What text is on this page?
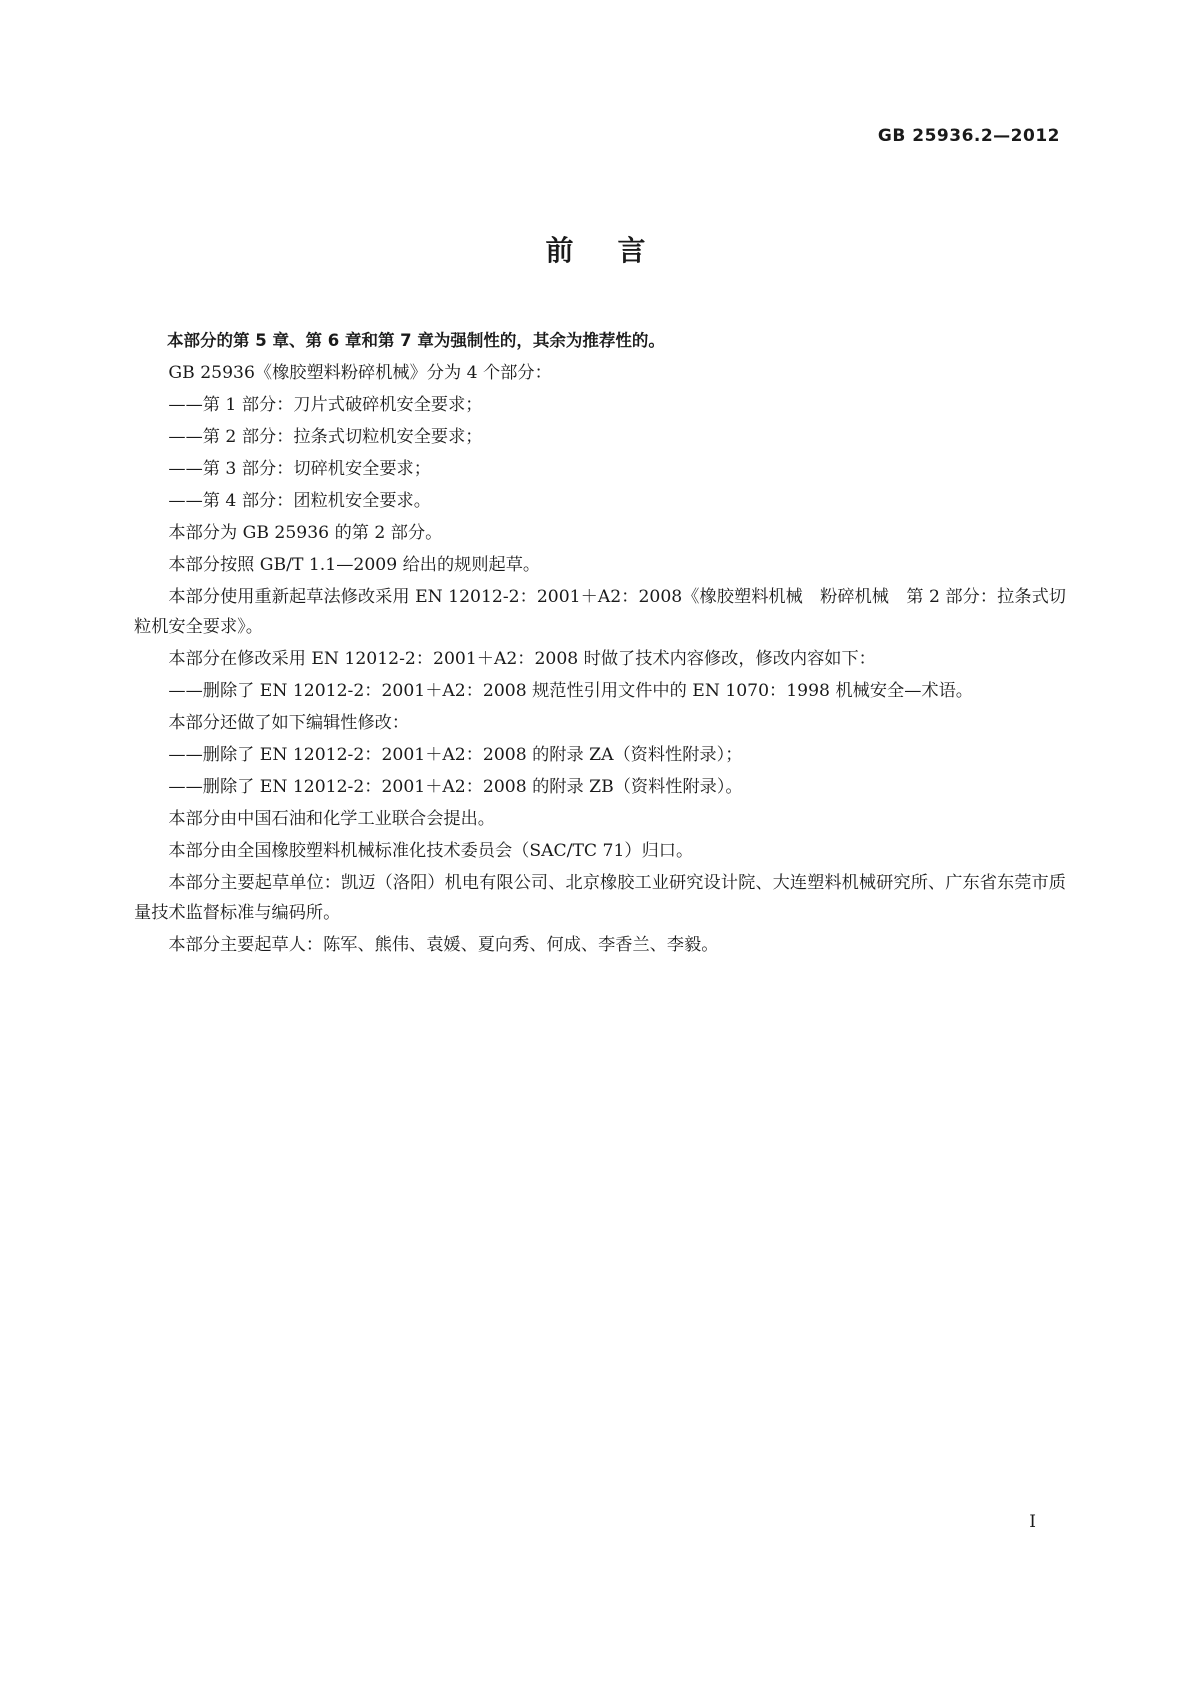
GB 25936.2—2012
前言

本部分的第 5 章、第 6 章和第 7 章为强制性的，其余为推荐性的。

GB 25936《橡胶塑料粉碎机械》分为 4 个部分：

——第 1 部分：刀片式破碎机安全要求；

——第 2 部分：拉条式切粒机安全要求；

——第 3 部分：切碎机安全要求；

——第 4 部分：团粒机安全要求。

本部分为 GB 25936 的第 2 部分。

本部分按照 GB/T 1.1—2009 给出的规则起草。

本部分使用重新起草法修改采用 EN 12012-2：2001＋A2：2008《橡胶塑料机械　粉碎机械　第 2 部分：拉条式切粒机安全要求》。

本部分在修改采用 EN 12012-2：2001＋A2：2008 时做了技术内容修改，修改内容如下：

——删除了 EN 12012-2：2001＋A2：2008 规范性引用文件中的 EN 1070：1998 机械安全—术语。

本部分还做了如下编辑性修改：

——删除了 EN 12012-2：2001＋A2：2008 的附录 ZA（资料性附录）；

——删除了 EN 12012-2：2001＋A2：2008 的附录 ZB（资料性附录）。

本部分由中国石油和化学工业联合会提出。

本部分由全国橡胶塑料机械标准化技术委员会（SAC/TC 71）归口。

本部分主要起草单位：凯迈（洛阳）机电有限公司、北京橡胶工业研究设计院、大连塑料机械研究所、广东省东莞市质量技术监督标准与编码所。

本部分主要起草人：陈军、熊伟、袁媛、夏向秀、何成、李香兰、李毅。

I
